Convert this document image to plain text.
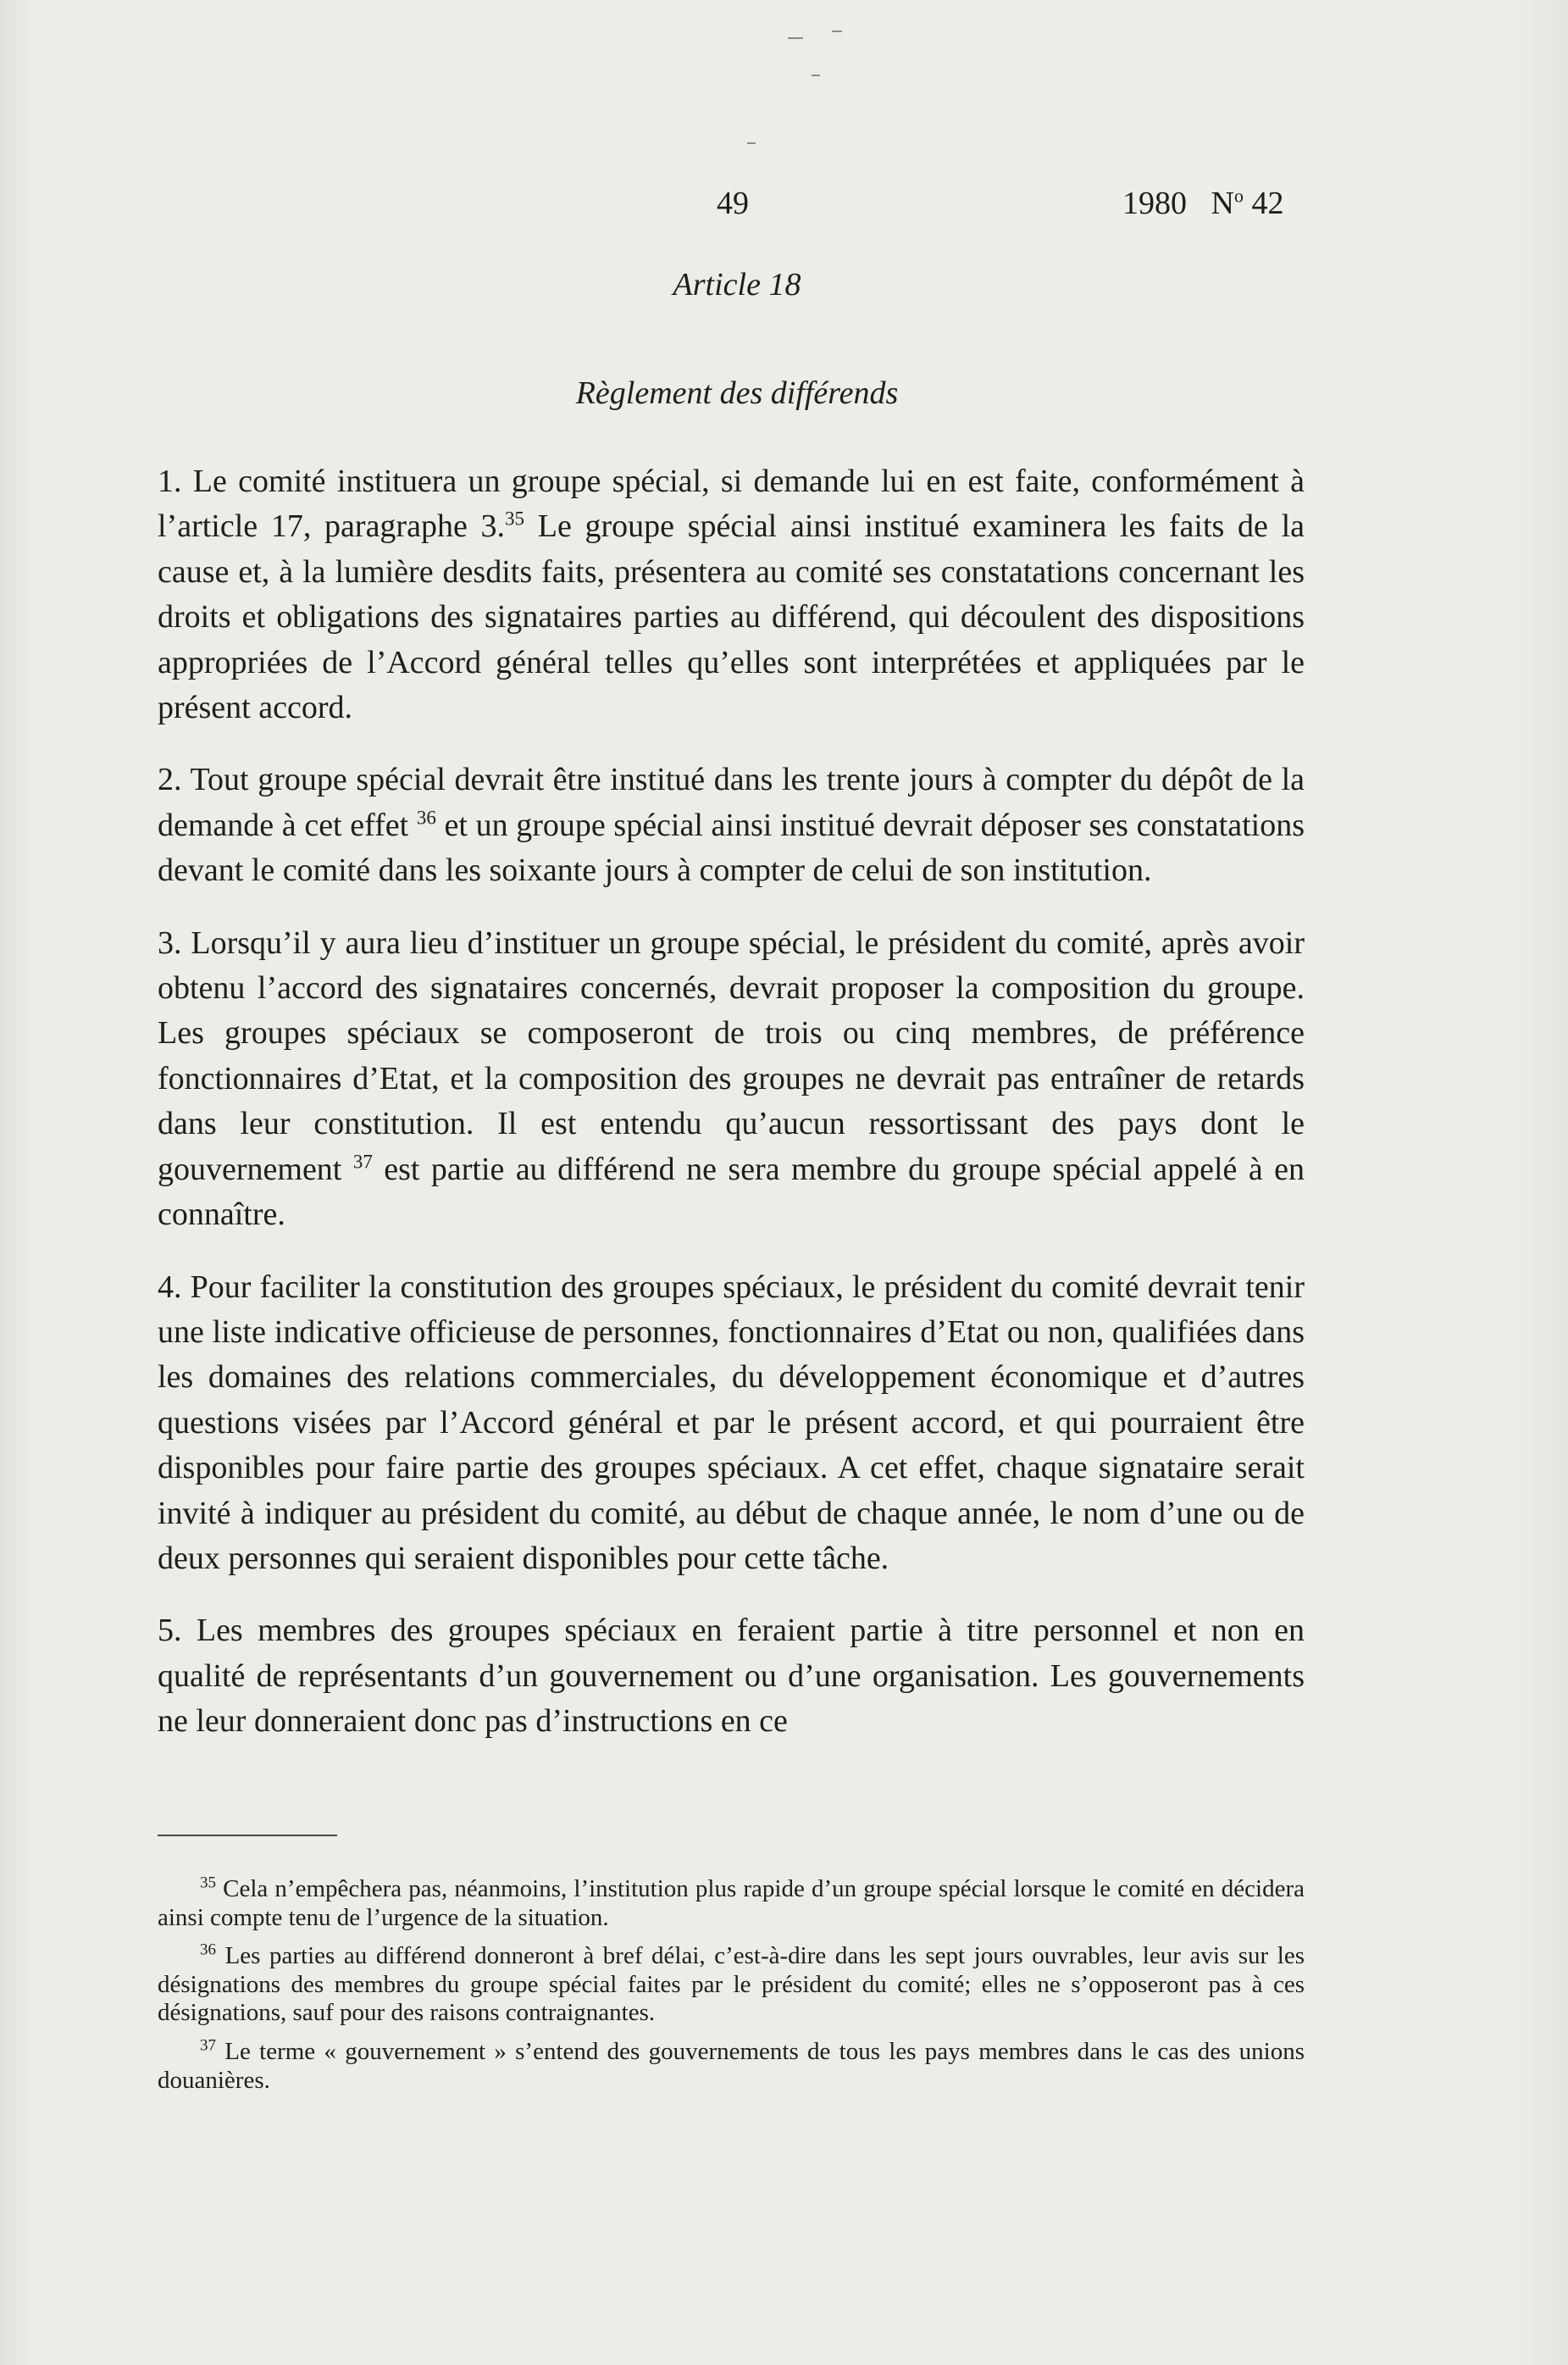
49	1980 $N^o$ 42
Article 18
Règlement des différends

1. Le comité instituera un groupe spécial, si demande lui en est faite, conformément à l’article 17, paragraphe 3.35 Le groupe spécial ainsi institué examinera les faits de la cause et, à la lumière desdits faits, présentera au comité ses constatations concernant les droits et obligations des signataires parties au différend, qui découlent des dispositions appropriées de l’Accord général telles qu’elles sont interprétées et appliquées par le présent accord.

2. Tout groupe spécial devrait être institué dans les trente jours à compter du dépôt de la demande à cet effet $^{36}$ et un groupe spécial ainsi institué devrait déposer ses constatations devant le comité dans les soixante jours à compter de celui de son institution.

3. Lorsqu’il y aura lieu d’instituer un groupe spécial, le président du comité, après avoir obtenu l’accord des signataires concernés, devrait proposer la composition du groupe. Les groupes spéciaux se composeront de trois ou cinq membres, de préférence fonctionnaires d’Etat, et la composition des groupes ne devrait pas entraîner de retards dans leur constitution. Il est entendu qu’aucun ressortissant des pays dont le gouvernement $^{37}$ est partie au différend ne sera membre du groupe spécial appelé à en connaître.

4. Pour faciliter la constitution des groupes spéciaux, le président du comité devrait tenir une liste indicative officieuse de personnes, fonctionnaires d’Etat ou non, qualifiées dans les domaines des relations commerciales, du développement économique et d’autres questions visées par l’Accord général et par le présent accord, et qui pourraient être disponibles pour faire partie des groupes spéciaux. A cet effet, chaque signataire serait invité à indiquer au président du comité, au début de chaque année, le nom d’une ou de deux personnes qui seraient disponibles pour cette tâche.

5. Les membres des groupes spéciaux en feraient partie à titre personnel et non en qualité de représentants d’un gouvernement ou d’une organisation. Les gouvernements ne leur donneraient donc pas d’instructions en ce

$^{35}$ Cela n’empêchera pas, néanmoins, l’institution plus rapide d’un groupe spécial lorsque le comité en décidera ainsi compte tenu de l’urgence de la situation.

$^{36}$ Les parties au différend donneront à bref délai, c’est-à-dire dans les sept jours ouvrables, leur avis sur les désignations des membres du groupe spécial faites par le président du comité; elles ne s’opposeront pas à ces désignations, sauf pour des raisons contraignantes.

$^{37}$ Le terme « gouvernement » s’entend des gouvernements de tous les pays membres dans le cas des unions douanières.
